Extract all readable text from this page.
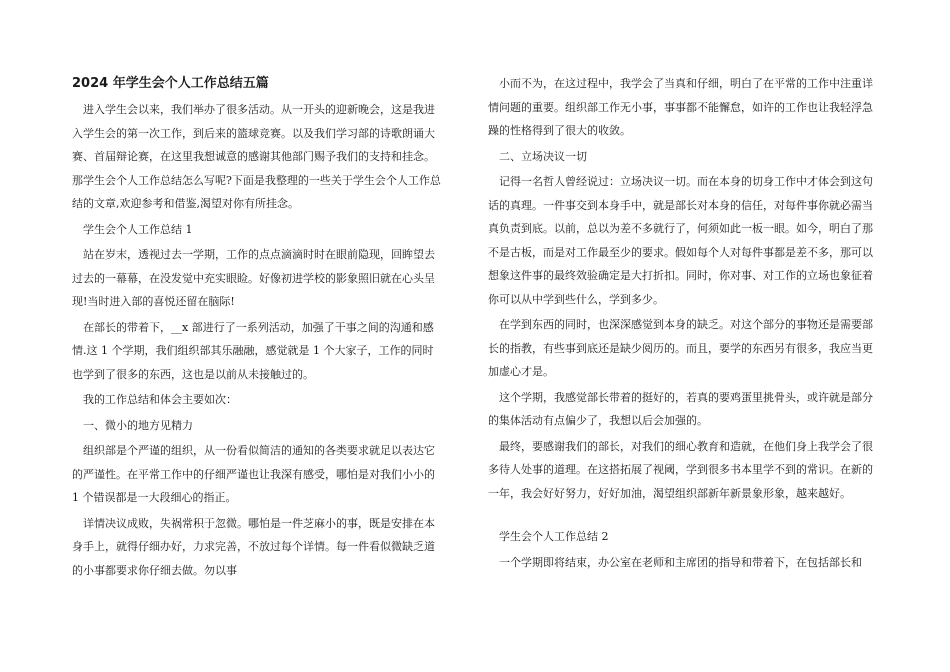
2024 年学生会个人工作总结五篇
进入学生会以来，我们举办了很多活动。从一开头的迎新晚会，这是我进入学生会的第一次工作，到后来的篮球竞赛。以及我们学习部的诗歌朗诵大赛、首届辩论赛，在这里我想诚意的感谢其他部门赐予我们的支持和挂念。那学生会个人工作总结怎么写呢?下面是我整理的一些关于学生会个人工作总结的文章,欢迎参考和借鉴,渴望对你有所挂念。
学生会个人工作总结 1
站在岁末，透视过去一学期，工作的点点滴滴时时在眼前隐现，回眸望去过去的一幕幕，在没发觉中充实眼睑。好像初进学校的影象照旧就在心头呈现!当时进入部的喜悦还留在脑际!
在部长的带着下，__x 部进行了一系列活动，加强了干事之间的沟通和感情.这 1 个学期，我们组织部其乐融融，感觉就是 1 个大家子，工作的同时也学到了很多的东西，这也是以前从未接触过的。
我的工作总结和体会主要如次：
一、微小的地方见精力
组织部是个严谨的组织，从一份看似简洁的通知的各类要求就足以表达它的严谨性。在平常工作中的仔细严谨也让我深有感受，哪怕是对我们小小的 1 个错误都是一大段细心的指正。
详情决议成败，失祸常积于忽微。哪怕是一件芝麻小的事，既是安排在本身手上，就得仔细办好，力求完善，不放过每个详情。每一件看似微缺乏道的小事都要求你仔细去做。勿以事
小而不为，在这过程中，我学会了当真和仔细，明白了在平常的工作中注重详情问题的重要。组织部工作无小事，事事都不能懈怠，如许的工作也让我轻浮急躁的性格得到了很大的收敛。
二、立场决议一切
记得一名哲人曾经说过：立场决议一切。而在本身的切身工作中才体会到这句话的真理。一件事交到本身手中，就是部长对本身的信任，对每件事你就必需当真负责到底。以前，总以为差不多就行了，何须如此一板一眼。如今，明白了那不是古板，而是对工作最至少的要求。假如每个人对每件事都是差不多，那可以想象这件事的最终效验确定是大打折扣。同时，你对事、对工作的立场也象征着你可以从中学到些什么，学到多少。
在学到东西的同时，也深深感觉到本身的缺乏。对这个部分的事物还是需要部长的指教，有些事到底还是缺少阅历的。而且，要学的东西另有很多，我应当更加虚心才是。
这个学期，我感觉部长带着的挺好的，若真的要鸡蛋里挑骨头，或许就是部分的集体活动有点偏少了，我想以后会加强的。
最终，要感谢我们的部长，对我们的细心教育和造就，在他们身上我学会了很多待人处事的道理。在这搭拓展了视阈，学到很多书本里学不到的常识。在新的一年，我会好好努力，好好加油，渴望组织部新年新景象形象，越来越好。
学生会个人工作总结 2
一个学期即将结束，办公室在老师和主席团的指导和带着下，在包括部长和
